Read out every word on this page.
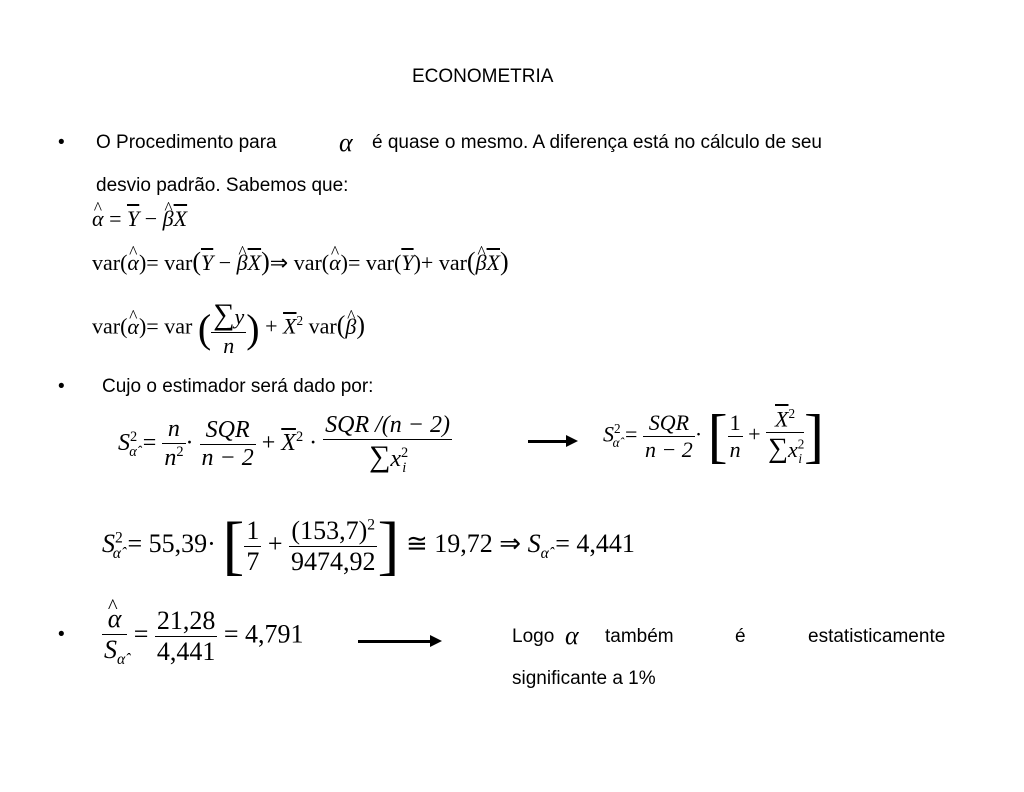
ECONOMETRIA
• O Procedimento para α é quase o mesmo. A diferença está no cálculo de seu
desvio padrão. Sabemos que:
^ $\alpha = \overline{Y}$ − ^ $\beta\overline{X}$
var(^ $\alpha)= var(\overline{Y}$ − ^ $\beta\overline{X})\Rightarrow$ var(^ $\alpha)= var(\overline{Y})+$ var(^ $\beta\overline{X}$)
var(^ α)= var ( $\frac{\sum y}{n}$ ) + $\overline{X}^2$ var(^ β)
• Cujo o estimador será dado por:
$S^2_{\alphâ} = \frac{n}{n^2} \cdot \frac{\text{SQR}}{n - 2} + \overline{X}^2 \cdot \frac{\text{SQR /(n − 2)}}{\sum x^2_i}$	$S^2_{\alphâ} = \frac{\text{SQR}}{n - 2}$ · [ $\frac{1}{n} + \frac{\overline{X}^2}{\sum x^2_i}$ ]
$S^2_{\alphâ} = 55,39\cdot$ [ $\frac{1}{7} + \frac{(153,7)^2}{9474,92}$ ] ≅ 19,72 ⇒ $S_{\alphâ} = 4,441$
• ^ $\frac{\alpha}{S_{\alphâ}} = \frac{21,28}{4,441} = 4,791$	Logo α também	é	estatisticamente
significante a 1%
